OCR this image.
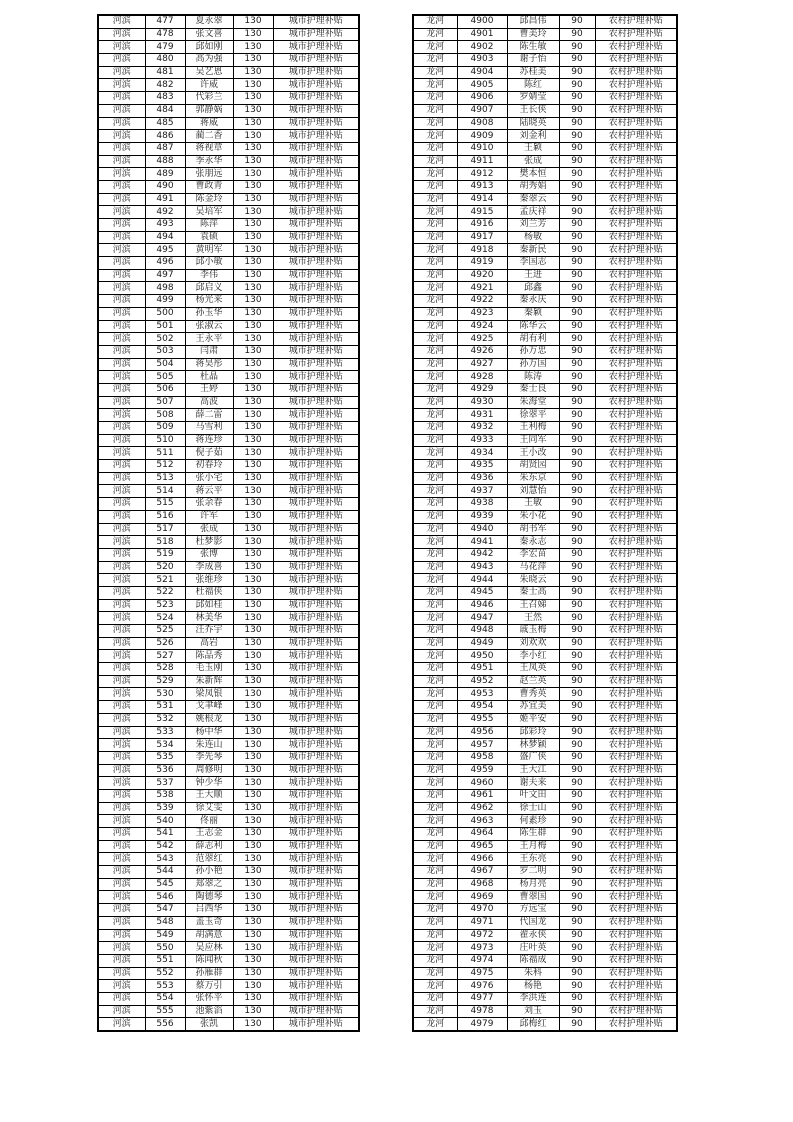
河滨	477	夏永翠	130	城市护理补贴
河滨	478	张文喜	130	城市护理补贴
河滨	479	邱如刚	130	城市护理补贴
河滨	480	高为强	130	城市护理补贴
河滨	481	吴艺恩	130	城市护理补贴
河滨	482	许威	130	城市护理补贴
河滨	483	代彩兰	130	城市护理补贴
河滨	484	郭静娲	130	城市护理补贴
河滨	485	蒋威	130	城市护理补贴
河滨	486	蔺二香	130	城市护理补贴
河滨	487	蒋视章	130	城市护理补贴
河滨	488	季永华	130	城市护理补贴
河滨	489	张朋远	130	城市护理补贴
河滨	490	曹政青	130	城市护理补贴
河滨	491	陈金玲	130	城市护理补贴
河滨	492	吴培军	130	城市护理补贴
河滨	493	陈萍	130	城市护理补贴
河滨	494	袁硕	130	城市护理补贴
河滨	495	黄明军	130	城市护理补贴
河滨	496	邱小敏	130	城市护理补贴
河滨	497	李伟	130	城市护理补贴
河滨	498	邱启义	130	城市护理补贴
河滨	499	杨光来	130	城市护理补贴
河滨	500	孙玉华	130	城市护理补贴
河滨	501	张淑云	130	城市护理补贴
河滨	502	王永平	130	城市护理补贴
河滨	503	闫肃	130	城市护理补贴
河滨	504	蒋昊彤	130	城市护理补贴
河滨	505	杜晶	130	城市护理补贴
河滨	506	王婷	130	城市护理补贴
河滨	507	高波	130	城市护理补贴
河滨	508	薛二雷	130	城市护理补贴
河滨	509	马雪利	130	城市护理补贴
河滨	510	蒋连珍	130	城市护理补贴
河滨	511	倪子茹	130	城市护理补贴
河滨	512	初春玲	130	城市护理补贴
河滨	513	张小宅	130	城市护理补贴
河滨	514	蒋云平	130	城市护理补贴
河滨	515	张余春	130	城市护理补贴
河滨	516	许军	130	城市护理补贴
河滨	517	张成	130	城市护理补贴
河滨	518	杜梦影	130	城市护理补贴
河滨	519	张博	130	城市护理补贴
河滨	520	李成喜	130	城市护理补贴
河滨	521	张维珍	130	城市护理补贴
河滨	522	杜福侠	130	城市护理补贴
河滨	523	邱如桂	130	城市护理补贴
河滨	524	林美华	130	城市护理补贴
河滨	525	汪乔宇	130	城市护理补贴
河滨	526	高岩	130	城市护理补贴
河滨	527	陈品秀	130	城市护理补贴
河滨	528	毛玉刚	130	城市护理补贴
河滨	529	朱新辉	130	城市护理补贴
河滨	530	梁凤银	130	城市护理补贴
河滨	531	戈聿峰	130	城市护理补贴
河滨	532	姚根龙	130	城市护理补贴
河滨	533	杨中华	130	城市护理补贴
河滨	534	朱连山	130	城市护理补贴
河滨	535	李先琴	130	城市护理补贴
河滨	536	周修明	130	城市护理补贴
河滨	537	钟少华	130	城市护理补贴
河滨	538	王大顺	130	城市护理补贴
河滨	539	徐艾雯	130	城市护理补贴
河滨	540	佟丽	130	城市护理补贴
河滨	541	王志金	130	城市护理补贴
河滨	542	薛志利	130	城市护理补贴
河滨	543	范翠红	130	城市护理补贴
河滨	544	孙小艳	130	城市护理补贴
河滨	545	郑翠之	130	城市护理补贴
河滨	546	陶德琴	130	城市护理补贴
河滨	547	吕西华	130	城市护理补贴
河滨	548	盖玉奇	130	城市护理补贴
河滨	549	胡满意	130	城市护理补贴
河滨	550	吴应林	130	城市护理补贴
河滨	551	陈闻秋	130	城市护理补贴
河滨	552	孙雁群	130	城市护理补贴
河滨	553	蔡万引	130	城市护理补贴
河滨	554	张怀平	130	城市护理补贴
河滨	555	池紫滔	130	城市护理补贴
河滨	556	张凯	130	城市护理补贴
龙河	4900	邱昌伟	90	农村护理补贴
龙河	4901	曹美玲	90	农村护理补贴
龙河	4902	陈生敏	90	农村护理补贴
龙河	4903	谢子怡	90	农村护理补贴
龙河	4904	苏桂美	90	农村护理补贴
龙河	4905	陈红	90	农村护理补贴
龙河	4906	罗婧莹	90	农村护理补贴
龙河	4907	王长侠	90	农村护理补贴
龙河	4908	陆晓英	90	农村护理补贴
龙河	4909	刘金利	90	农村护理补贴
龙河	4910	王颖	90	农村护理补贴
龙河	4911	张成	90	农村护理补贴
龙河	4912	樊本恒	90	农村护理补贴
龙河	4913	胡秀娟	90	农村护理补贴
龙河	4914	秦翠云	90	农村护理补贴
龙河	4915	孟庆祥	90	农村护理补贴
龙河	4916	刘兰芳	90	农村护理补贴
龙河	4917	杨敏	90	农村护理补贴
龙河	4918	秦新民	90	农村护理补贴
龙河	4919	李国志	90	农村护理补贴
龙河	4920	王进	90	农村护理补贴
龙河	4921	邱鑫	90	农村护理补贴
龙河	4922	秦永庆	90	农村护理补贴
龙河	4923	秦颖	90	农村护理补贴
龙河	4924	陈华云	90	农村护理补贴
龙河	4925	胡有利	90	农村护理补贴
龙河	4926	孙万忠	90	农村护理补贴
龙河	4927	孙万国	90	农村护理补贴
龙河	4928	陈涛	90	农村护理补贴
龙河	4929	秦士良	90	农村护理补贴
龙河	4930	朱海堂	90	农村护理补贴
龙河	4931	徐翠平	90	农村护理补贴
龙河	4932	王利梅	90	农村护理补贴
龙河	4933	王同军	90	农村护理补贴
龙河	4934	王小改	90	农村护理补贴
龙河	4935	胡贤园	90	农村护理补贴
龙河	4936	朱东京	90	农村护理补贴
龙河	4937	刘慧怡	90	农村护理补贴
龙河	4938	王敏	90	农村护理补贴
龙河	4939	朱小花	90	农村护理补贴
龙河	4940	胡书军	90	农村护理补贴
龙河	4941	秦永志	90	农村护理补贴
龙河	4942	李宏苗	90	农村护理补贴
龙河	4943	马花萍	90	农村护理补贴
龙河	4944	朱晓云	90	农村护理补贴
龙河	4945	秦士高	90	农村护理补贴
龙河	4946	王召娣	90	农村护理补贴
龙河	4947	王然	90	农村护理补贴
龙河	4948	戚玉梅	90	农村护理补贴
龙河	4949	刘欢欢	90	农村护理补贴
龙河	4950	李小红	90	农村护理补贴
龙河	4951	王凤英	90	农村护理补贴
龙河	4952	赵兰英	90	农村护理补贴
龙河	4953	曹秀英	90	农村护理补贴
龙河	4954	苏宜美	90	农村护理补贴
龙河	4955	姬平安	90	农村护理补贴
龙河	4956	邱彩玲	90	农村护理补贴
龙河	4957	林梦颖	90	农村护理补贴
龙河	4958	盛广侠	90	农村护理补贴
龙河	4959	王大江	90	农村护理补贴
龙河	4960	谢夫来	90	农村护理补贴
龙河	4961	叶文田	90	农村护理补贴
龙河	4962	徐士山	90	农村护理补贴
龙河	4963	何素珍	90	农村护理补贴
龙河	4964	陈生群	90	农村护理补贴
龙河	4965	王月梅	90	农村护理补贴
龙河	4966	王东亮	90	农村护理补贴
龙河	4967	罗二明	90	农村护理补贴
龙河	4968	杨月亮	90	农村护理补贴
龙河	4969	曹翠国	90	农村护理补贴
龙河	4970	方远宝	90	农村护理补贴
龙河	4971	代国龙	90	农村护理补贴
龙河	4972	翟永侠	90	农村护理补贴
龙河	4973	庄叶英	90	农村护理补贴
龙河	4974	陈福成	90	农村护理补贴
龙河	4975	朱科	90	农村护理补贴
龙河	4976	杨艳	90	农村护理补贴
龙河	4977	李洪连	90	农村护理补贴
龙河	4978	刘玉	90	农村护理补贴
龙河	4979	邱梅红	90	农村护理补贴
